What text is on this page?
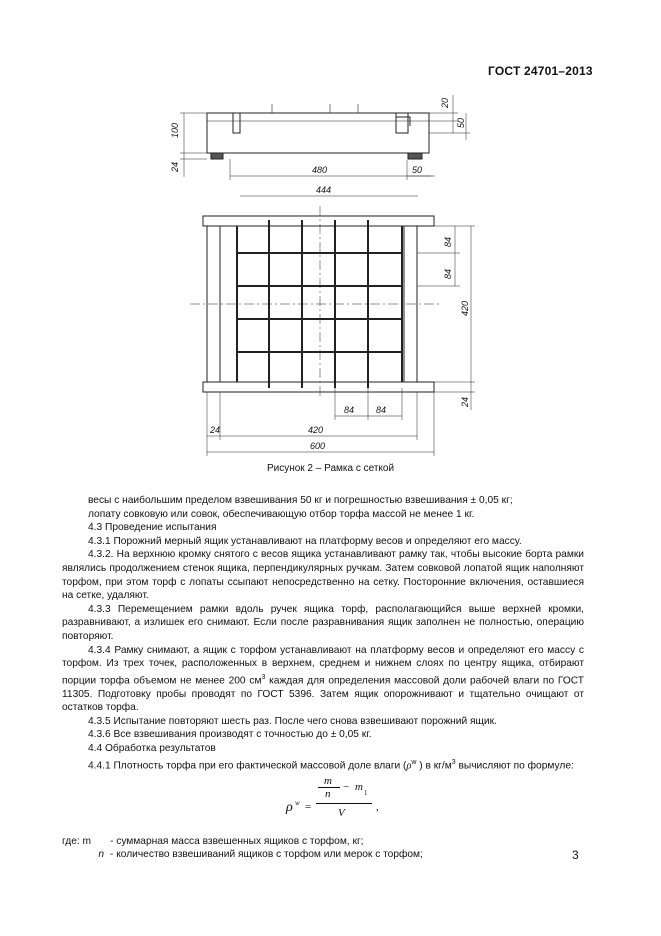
ГОСТ 24701–2013
100
24
20
50
480	50
444
84
84
420
24
84 84
24	420
600
Рисунок 2 – Рамка с сеткой

весы с наибольшим пределом взвешивания 50 кг и погрешностью взвешивания ± 0,05 кг;

лопату совковую или совок, обеспечивающую отбор торфа массой не менее 1 кг.

4.3 Проведение испытания

4.3.1 Порожний мерный ящик устанавливают на платформу весов и определяют его массу.

4.3.2. На верхнюю кромку снятого с весов ящика устанавливают рамку так, чтобы высокие борта рамки являлись продолжением стенок ящика, перпендикулярных ручкам. Затем совковой лопатой ящик наполняют торфом, при этом торф с лопаты ссыпают непосредственно на сетку. Посторонние включения, оставшиеся на сетке, удаляют.

4.3.3 Перемещением рамки вдоль ручек ящика торф, располагающийся выше верхней кромки, разравнивают, а излишек его снимают. Если после разравнивания ящик заполнен не полностью, операцию повторяют.

4.3.4 Рамку снимают, а ящик с торфом устанавливают на платформу весов и определяют его массу с торфом. Из трех точек, расположенных в верхнем, среднем и нижнем слоях по центру ящика, отбирают порции торфа объемом не менее 200 $см^3$ каждая для определения массовой доли рабочей влаги по ГОСТ 11305. Подготовку пробы проводят по ГОСТ 5396. Затем ящик опорожнивают и тщательно очищают от остатков торфа.

4.3.5 Испытание повторяют шесть раз. После чего снова взвешивают порожний ящик.

4.3.6 Все взвешивания производят с точностью до ± 0,05 кг.

4.4 Обработка результатов

4.4.1 Плотность торфа при его фактической массовой доле влаги ($\rho^w$ ) в $кг/м^3$ вычисляют по формуле:

ρ w =
m
n
− m 1
V	,
где: m	- суммарная масса взвешенных ящиков с торфом, кг;
n - количество взвешиваний ящиков с торфом или мерок с торфом;	3
